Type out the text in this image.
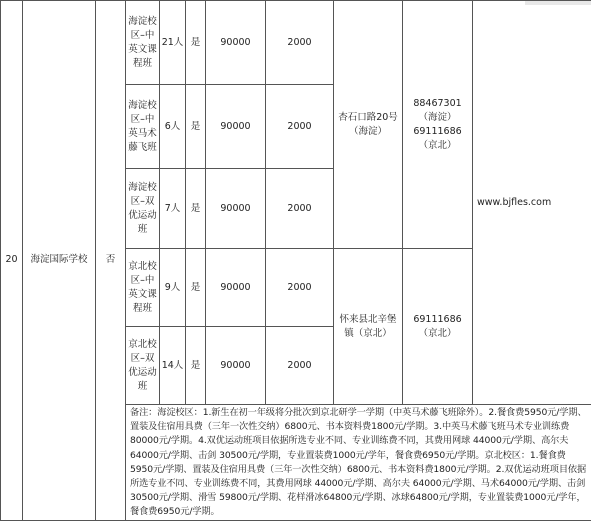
20	海淀国际学校	否	海淀校区–中英文课程班	21人	是	90000	2000	杏石口路20号（海淀）	88467301（海淀）69111686（京北）	www.bjfles.com
			海淀校区–中英马术藤飞班	6人	是	90000	2000			
			海淀校区–双优运动班	7人	是	90000	2000			
			京北校区–中英文课程班	9人	是	90000	2000	怀来县北辛堡镇（京北）	69111686（京北）	
			京北校区–双优运动班	14人	是	90000	2000			
			备注：海淀校区：1.新生在初一年级将分批次到京北研学一学期（中英马术藤飞班除外）。2.餐食费5950元/学期、置装及住宿用具费（三年一次性交纳）6800元、书本资料费1800元/学期。3.中英马术藤飞班马术专业训练费80000元/学期。4.双优运动班项目依据所选专业不同、专业训练费不同，其费用网球 44000元/学期、高尔夫64000元/学期、击剑 30500元/学期，专业置装费1000元/学年，餐食费6950元/学期。京北校区：1.餐食费5950元/学期、置装及住宿用具费（三年一次性交纳）6800元、书本资料费1800元/学期。2.双优运动班项目依据所选专业不同、专业训练费不同，其费用网球 44000元/学期、高尔夫 64000元/学期、马术64000元/学期、击剑 30500元/学期、滑雪 59800元/学期、花样滑冰64800元/学期、冰球64800元/学期，专业置装费1000元/学年，餐食费6950元/学期。							
